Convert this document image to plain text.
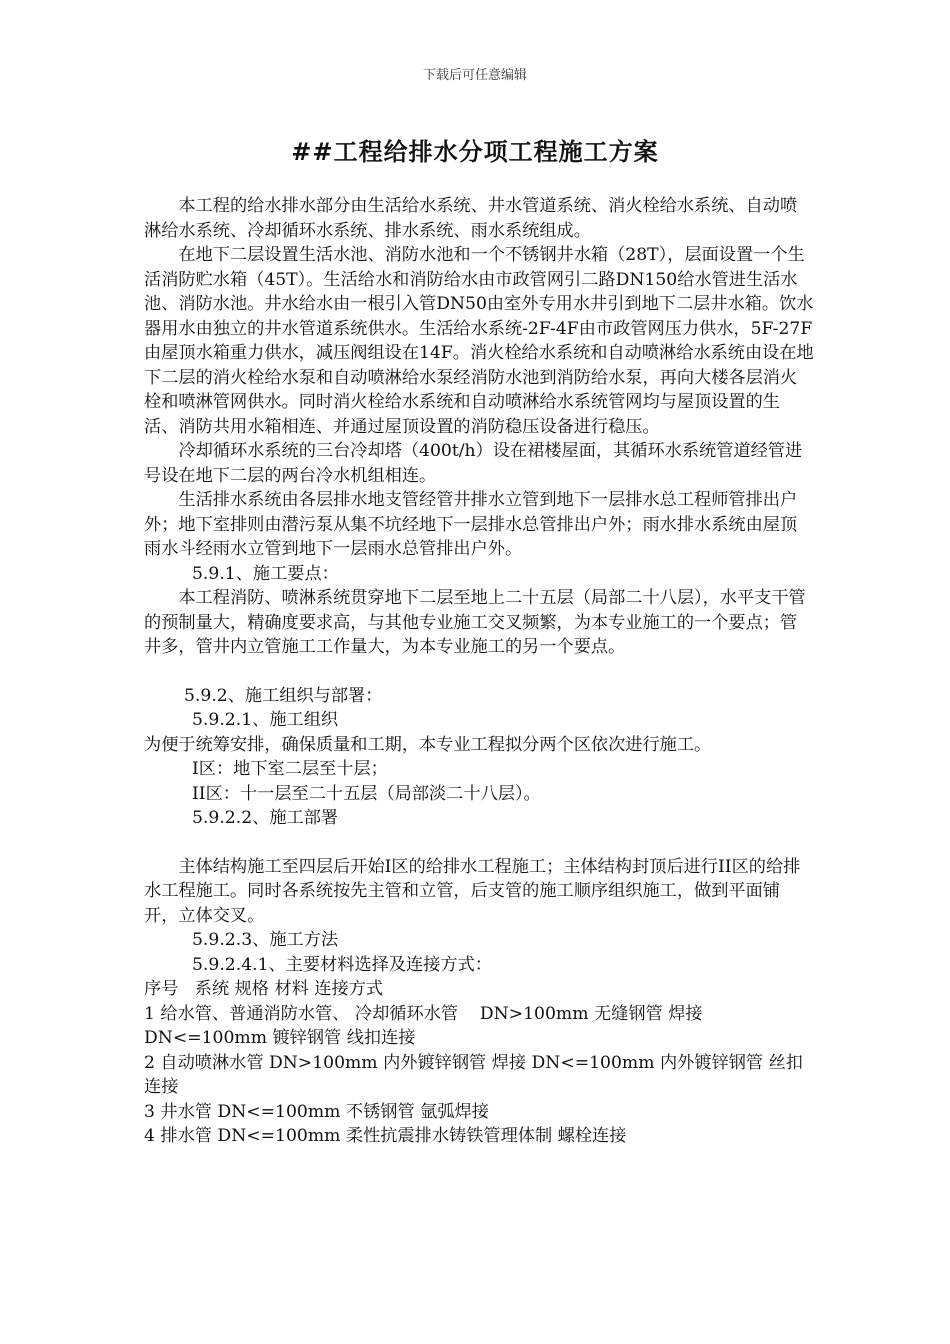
下载后可任意编辑
##工程给排水分项工程施工方案

本工程的给水排水部分由生活给水系统、井水管道系统、消火栓给水系统、自动喷淋给水系统、冷却循环水系统、排水系统、雨水系统组成。

在地下二层设置生活水池、消防水池和一个不锈钢井水箱（28T），层面设置一个生活消防贮水箱（45T）。生活给水和消防给水由市政管网引二路DN150给水管进生活水池、消防水池。井水给水由一根引入管DN50由室外专用水井引到地下二层井水箱。饮水器用水由独立的井水管道系统供水。生活给水系统-2F-4F由市政管网压力供水，5F-27F由屋顶水箱重力供水，减压阀组设在14F。消火栓给水系统和自动喷淋给水系统由设在地下二层的消火栓给水泵和自动喷淋给水泵经消防水池到消防给水泵，再向大楼各层消火栓和喷淋管网供水。同时消火栓给水系统和自动喷淋给水系统管网均与屋顶设置的生活、消防共用水箱相连、并通过屋顶设置的消防稳压设备进行稳压。

冷却循环水系统的三台冷却塔（400t/h）设在裙楼屋面，其循环水系统管道经管进号设在地下二层的两台冷水机组相连。

生活排水系统由各层排水地支管经管井排水立管到地下一层排水总工程师管排出户外；地下室排则由潜污泵从集不坑经地下一层排水总管排出户外；雨水排水系统由屋顶雨水斗经雨水立管到地下一层雨水总管排出户外。

5.9.1、施工要点：

本工程消防、喷淋系统贯穿地下二层至地上二十五层（局部二十八层），水平支干管的预制量大，精确度要求高，与其他专业施工交叉频繁，为本专业施工的一个要点；管井多，管井内立管施工工作量大，为本专业施工的另一个要点。

5.9.2、施工组织与部署：

5.9.2.1、施工组织

为便于统筹安排，确保质量和工期，本专业工程拟分两个区依次进行施工。

Ⅰ区：地下室二层至十层；

II区：十一层至二十五层（局部淡二十八层）。

5.9.2.2、施工部署

主体结构施工至四层后开始Ⅰ区的给排水工程施工；主体结构封顶后进行II区的给排水工程施工。同时各系统按先主管和立管，后支管的施工顺序组织施工，做到平面铺开，立体交叉。

5.9.2.3、施工方法

5.9.2.4.1、主要材料选择及连接方式：

序号   系统 规格 材料 连接方式

1 给水管、普通消防水管、 冷却循环水管    DN>100mm 无缝钢管 焊接

DN<=100mm 镀锌钢管 线扣连接

2 自动喷淋水管 DN>100mm 内外镀锌钢管 焊接 DN<=100mm 内外镀锌钢管 丝扣连接

3 井水管 DN<=100mm 不锈钢管 氩弧焊接

4 排水管 DN<=100mm 柔性抗震排水铸铁管理体制 螺栓连接
